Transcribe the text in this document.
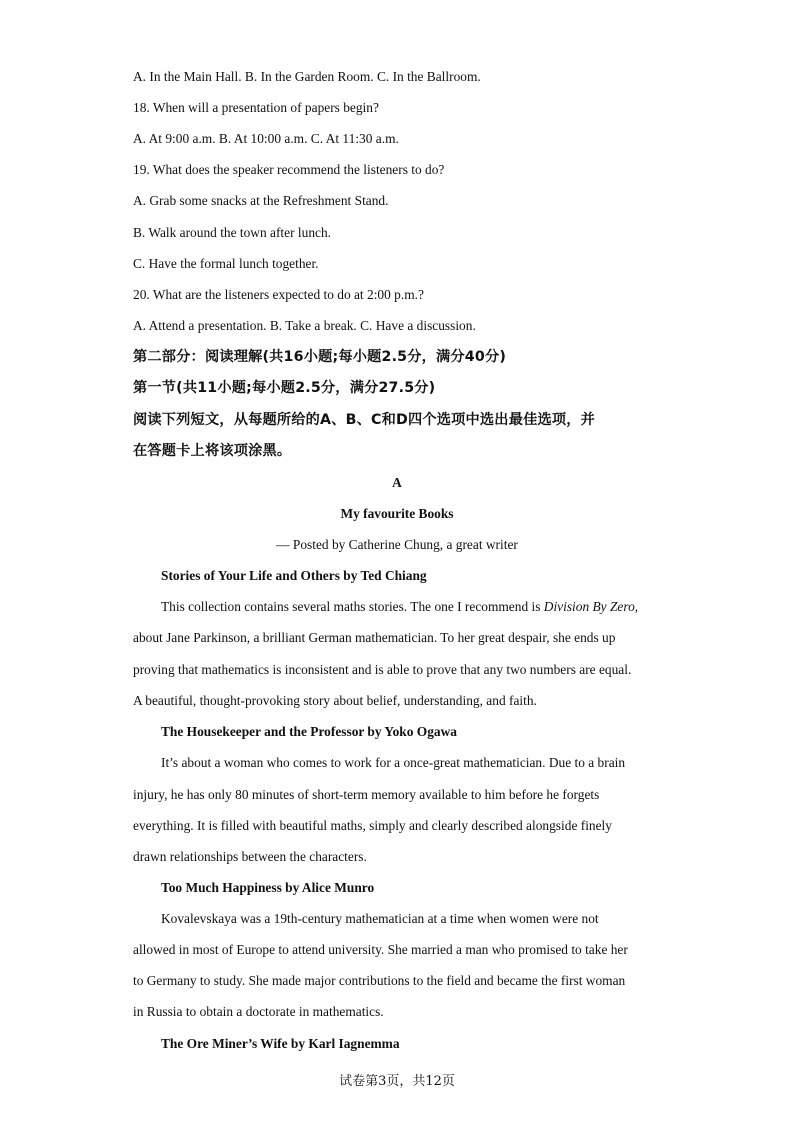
A. In the Main Hall. B. In the Garden Room. C. In the Ballroom.
18. When will a presentation of papers begin?
A. At 9:00 a.m. B. At 10:00 a.m. C. At 11:30 a.m.
19. What does the speaker recommend the listeners to do?
A. Grab some snacks at the Refreshment Stand.
B. Walk around the town after lunch.
C. Have the formal lunch together.
20. What are the listeners expected to do at 2:00 p.m.?
A. Attend a presentation. B. Take a break. C. Have a discussion.
第二部分：阅读理解(共16小题;每小题2.5分，满分40分)
第一节(共11小题;每小题2.5分，满分27.5分)
阅读下列短文，从每题所给的A、B、C和D四个选项中选出最佳选项，并
在答题卡上将该项涂黑。
A
My favourite Books
— Posted by Catherine Chung, a great writer
Stories of Your Life and Others by Ted Chiang
This collection contains several maths stories. The one I recommend is Division By Zero,
about Jane Parkinson, a brilliant German mathematician. To her great despair, she ends up
proving that mathematics is inconsistent and is able to prove that any two numbers are equal.
A beautiful, thought-provoking story about belief, understanding, and faith.
The Housekeeper and the Professor by Yoko Ogawa
It’s about a woman who comes to work for a once-great mathematician. Due to a brain
injury, he has only 80 minutes of short-term memory available to him before he forgets
everything. It is filled with beautiful maths, simply and clearly described alongside finely
drawn relationships between the characters.
Too Much Happiness by Alice Munro
Kovalevskaya was a 19th-century mathematician at a time when women were not
allowed in most of Europe to attend university. She married a man who promised to take her
to Germany to study. She made major contributions to the field and became the first woman
in Russia to obtain a doctorate in mathematics.
The Ore Miner’s Wife by Karl Iagnemma
试卷第3页，共12页
